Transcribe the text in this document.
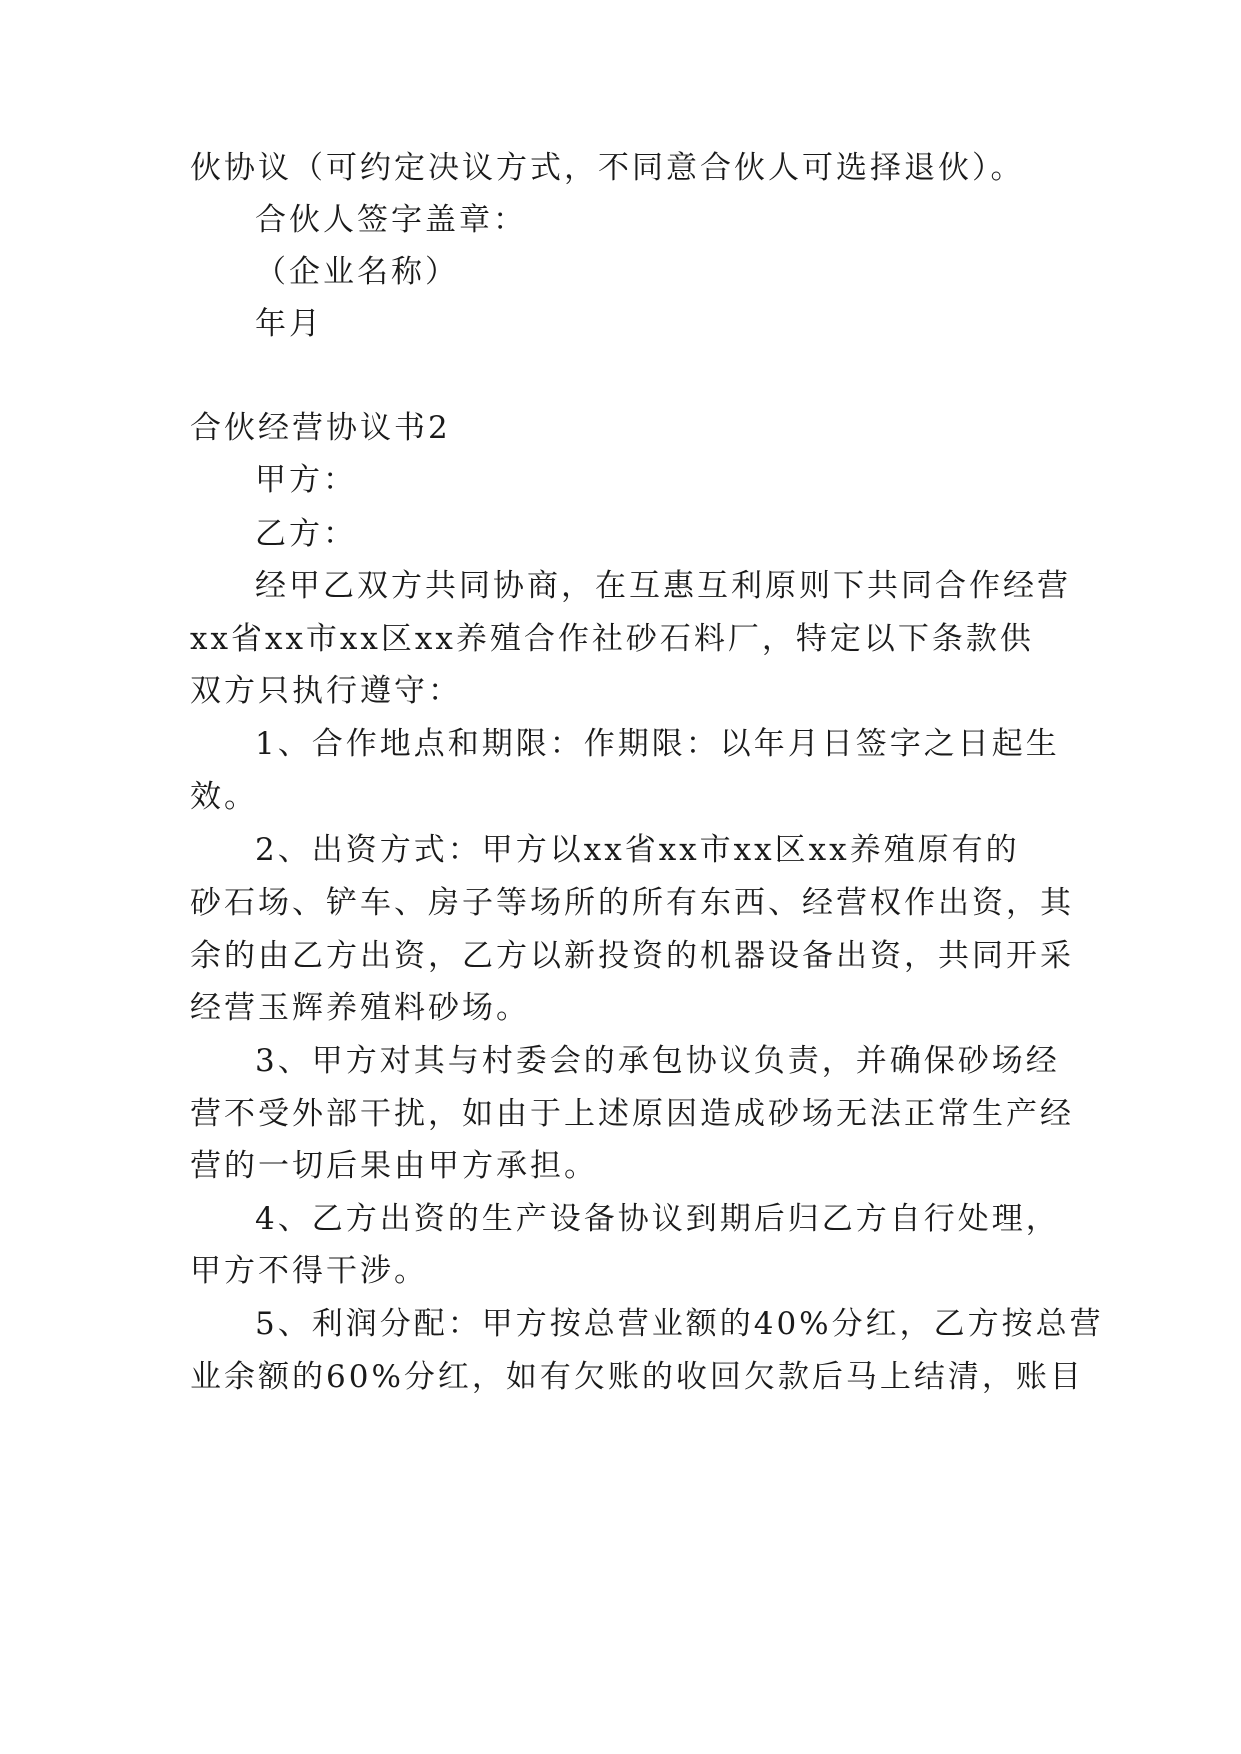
伙协议（可约定决议方式，不同意合伙人可选择退伙）。
合伙人签字盖章：
（企业名称）
年月
合伙经营协议书2
甲方：
乙方：
经甲乙双方共同协商，在互惠互利原则下共同合作经营
xx省xx市xx区xx养殖合作社砂石料厂，特定以下条款供
双方只执行遵守：
1、合作地点和期限：作期限：以年月日签字之日起生
效。
2、出资方式：甲方以xx省xx市xx区xx养殖原有的
砂石场、铲车、房子等场所的所有东西、经营权作出资，其
余的由乙方出资，乙方以新投资的机器设备出资，共同开采
经营玉辉养殖料砂场。
3、甲方对其与村委会的承包协议负责，并确保砂场经
营不受外部干扰，如由于上述原因造成砂场无法正常生产经
营的一切后果由甲方承担。
4、乙方出资的生产设备协议到期后归乙方自行处理，
甲方不得干涉。
5、利润分配：甲方按总营业额的40%分红，乙方按总营
业余额的60%分红，如有欠账的收回欠款后马上结清，账目
